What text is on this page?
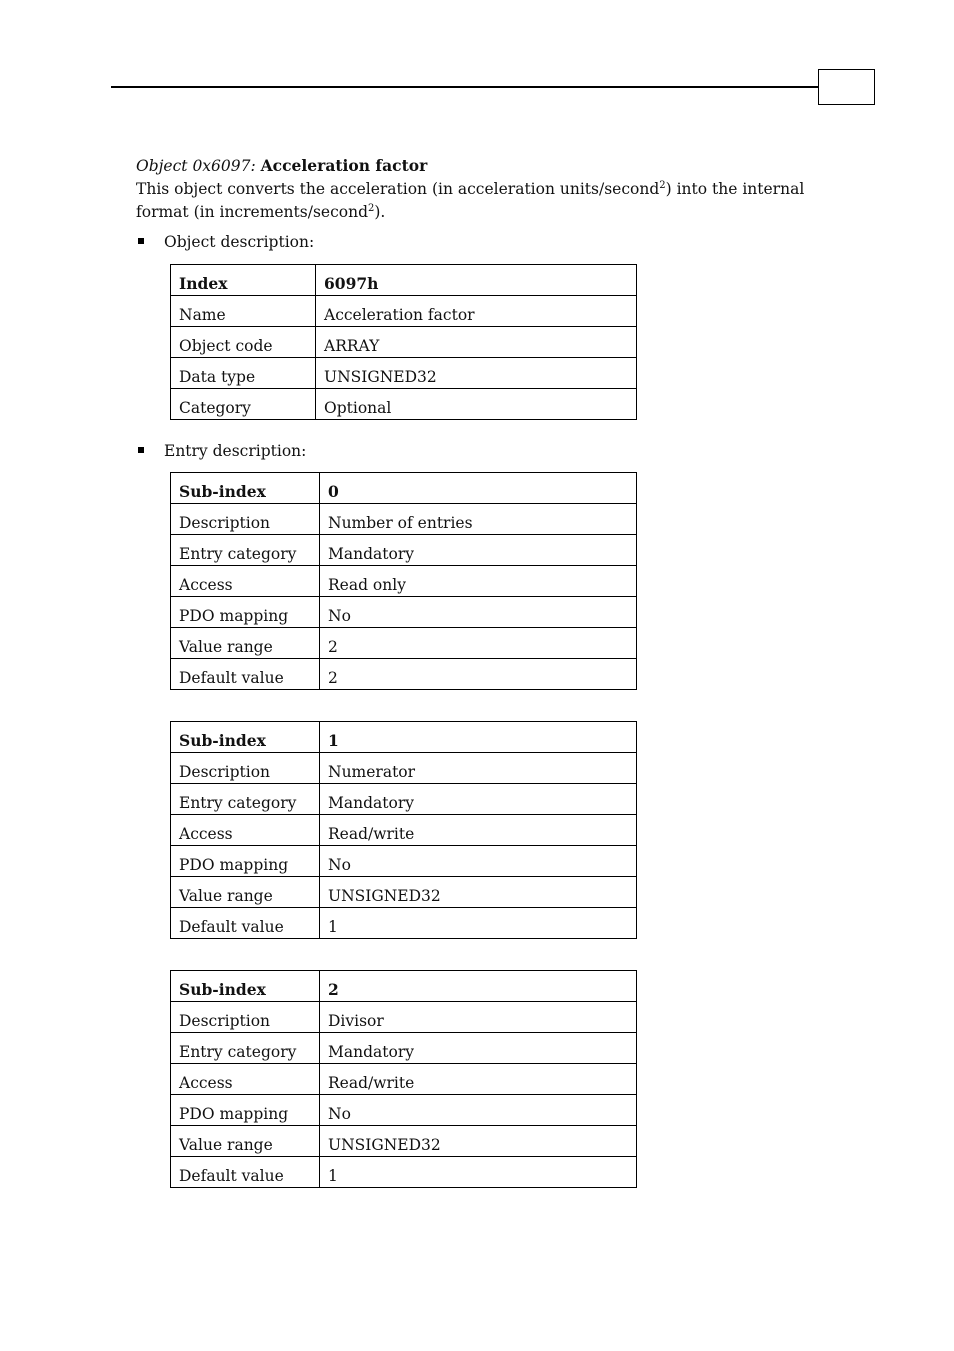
Object 0x6097: Acceleration factor
This object converts the acceleration (in acceleration units/second$^2$) into the internal
format (in increments/second$^2$).
Object description:
Index	6097h
Name	Acceleration factor
Object code	ARRAY
Data type	UNSIGNED32
Category	Optional
Entry description:
Sub-index	0
Description	Number of entries
Entry category	Mandatory
Access	Read only
PDO mapping	No
Value range	2
Default value	2
Sub-index	1
Description	Numerator
Entry category	Mandatory
Access	Read/write
PDO mapping	No
Value range	UNSIGNED32
Default value	1
Sub-index	2
Description	Divisor
Entry category	Mandatory
Access	Read/write
PDO mapping	No
Value range	UNSIGNED32
Default value	1
